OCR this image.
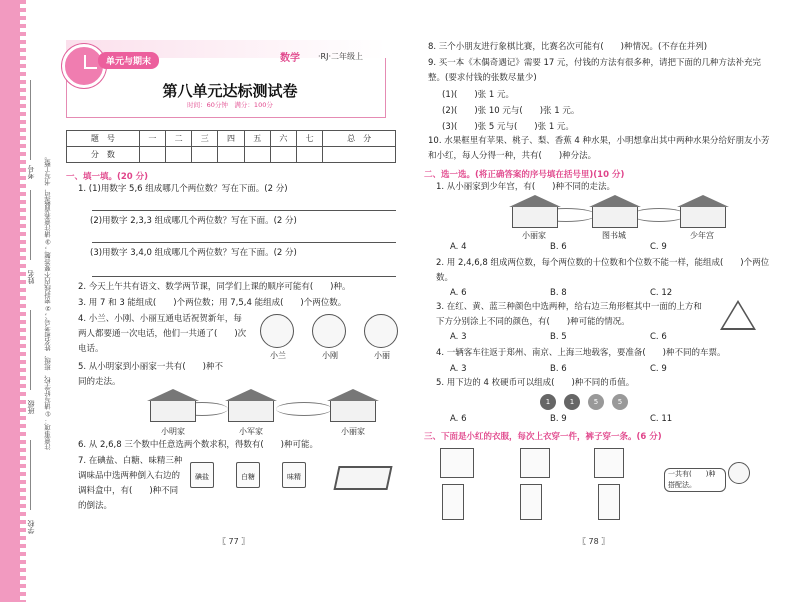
学校
班级
姓名
考号	注意事项：①请写好学校、班级、姓名和考号；②密封线内不要答题；③请注意卷面整洁，书写工整。
单元与期末	数学 ·RJ·二年级上
第八单元达标测试卷
时间：60分钟　满分：100分
题　号	一	二	三	四	五	六	七	总　分
分　数								
一、填一填。(20 分)
1. (1)用数字 5,6 组成哪几个两位数？写在下面。(2 分)
(2)用数字 2,3,3 组成哪几个两位数？写在下面。(2 分)
(3)用数字 3,4,0 组成哪几个两位数？写在下面。(2 分)
2. 今天上午共有语文、数学两节课，同学们上课的顺序可能有(　　)种。
3. 用 7 和 3 能组成(　　)个两位数；用 7,5,4 能组成(　　)个两位数。
4. 小兰、小刚、小丽互通电话祝贺新年，每两人都要通一次电话，他们一共通了(　　)次电话。
小兰	小刚	小丽
5. 从小明家到小丽家一共有(　　)种不同的走法。
小明家	小军家	小丽家
6. 从 2,6,8 三个数中任意选两个数求积，得数有(　　)种可能。
7. 在碘盐、白糖、味精三种调味品中选两种倒入右边的调料盒中，有(　　)种不同的倒法。
碘盐	白糖	味精
〖 77 〗
8. 三个小朋友进行象棋比赛，比赛名次可能有(　　)种情况。(不存在并列)
9. 买一本《木偶奇遇记》需要 17 元，付钱的方法有很多种，请把下面的几种方法补充完整。(要求付钱的张数尽量少)
(1)(　　)张 1 元。
(2)(　　)张 10 元与(　　)张 1 元。
(3)(　　)张 5 元与(　　)张 1 元。
10. 水果框里有苹果、桃子、梨、香蕉 4 种水果，小明想拿出其中两种水果分给好朋友小芳和小红，每人分得一种，共有(　　)种分法。
二、选一选。(将正确答案的序号填在括号里)(10 分)
1. 从小丽家到少年宫，有(　　)种不同的走法。
小丽家	图书城	少年宫
A. 4	B. 6	C. 9
2. 用 2,4,6,8 组成两位数，每个两位数的十位数和个位数不能一样，能组成(　　)个两位数。
A. 6	B. 8	C. 12
3. 在红、黄、蓝三种颜色中选两种，给右边三角形框其中一面的上方和下方分别涂上不同的颜色，有(　　)种可能的情况。
A. 3	B. 5	C. 6
4. 一辆客车往返于郑州、南京、上海三地载客，要准备(　　)种不同的车票。
A. 3	B. 6	C. 9
5. 用下边的 4 枚硬币可以组成(　　)种不同的币值。
1	1	5	5
A. 6	B. 9	C. 11
三、下面是小红的衣服，每次上衣穿一件，裤子穿一条。(6 分)
一共有(　　)种搭配法。
〖 78 〗
